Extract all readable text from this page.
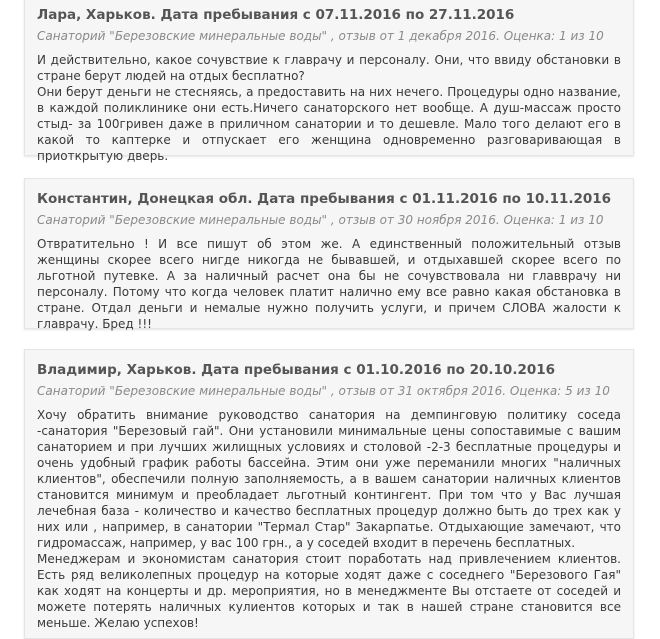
Лара, Харьков. Дата пребывания с 07.11.2016 по 27.11.2016
Санаторий "Березовские минеральные воды" , отзыв от 1 декабря 2016. Оценка: 1 из 10
И действительно, какое сочувствие к главрачу и персоналу. Они, что ввиду обстановки в стране берут людей на отдых бесплатно?
Они берут деньги не стесняясь, а предоставить на них нечего. Процедуры одно название, в каждой поликлинике они есть.Ничего санаторского нет вообще. А душ-массаж просто стыд- за 100гривен даже в приличном санатории и то дешевле. Мало того делают его в какой то каптерке и отпускает его женщина одновременно разговаривающая в приоткрытую дверь.
Константин, Донецкая обл. Дата пребывания с 01.11.2016 по 10.11.2016
Санаторий "Березовские минеральные воды" , отзыв от 30 ноября 2016. Оценка: 1 из 10
Отвратительно ! И все пишут об этом же. А единственный положительный отзыв женщины скорее всего нигде никогда не бывавшей, и отдыхавшей скорее всего по льготной путевке. А за наличный расчет она бы не сочувствовала ни главврачу ни персоналу. Потому что когда человек платит налично ему все равно какая обстановка в стране. Отдал деньги и немалые нужно получить услуги, и причем СЛОВА жалости к главрачу. Бред !!!
Владимир, Харьков. Дата пребывания с 01.10.2016 по 20.10.2016
Санаторий "Березовские минеральные воды" , отзыв от 31 октября 2016. Оценка: 5 из 10
Хочу обратить внимание руководство санатория на демпинговую политику соседа -санатория "Березовый гай". Они установили минимальные цены сопоставимые с вашим санаторием и при лучших жилищных условиях и столовой -2-3 бесплатные процедуры и очень удобный график работы бассейна. Этим они уже переманили многих "наличных клиентов", обеспечили полную заполняемость, а в вашем санатории наличных клиентов становится минимум и преобладает льготный контингент. При том что у Вас лучшая лечебная база - количество и качество бесплатных процедур должно быть до трех как у них или , например, в санатории "Термал Стар" Закарпатье. Отдыхающие замечают, что гидромассаж, например, у вас 100 грн., а у соседей входит в перечень бесплатных.
Менеджерам и экономистам санатория стоит поработать над привлечением клиентов. Есть ряд великолепных процедур на которые ходят даже с соседнего "Березового Гая" как ходят на концерты и др. мероприятия, но в менеджменте Вы отстаете от соседей и можете потерять наличных кулиентов которых и так в нашей стране становится все меньше. Желаю успехов!
